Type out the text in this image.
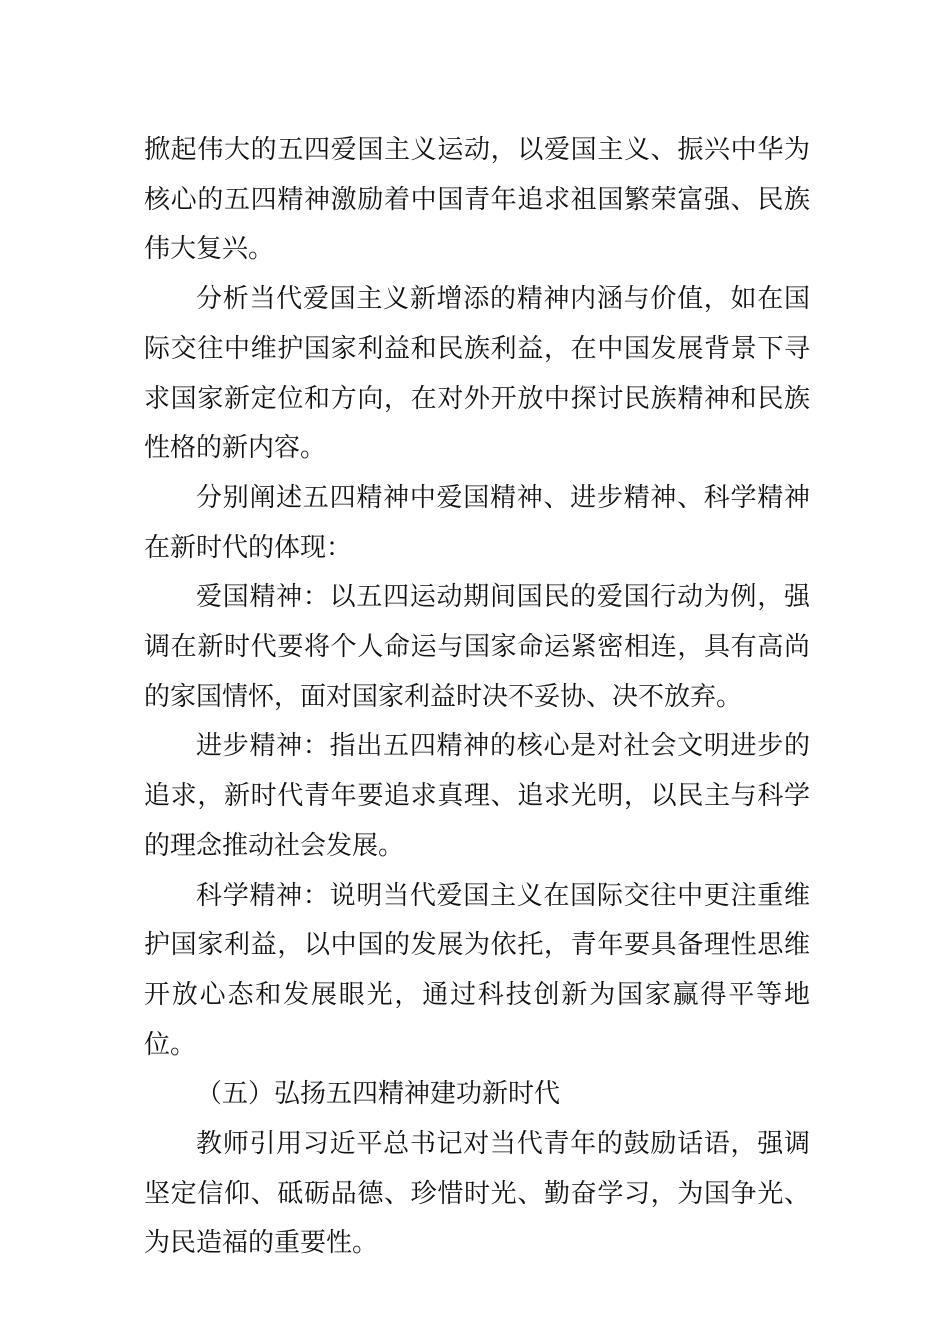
掀起伟大的五四爱国主义运动，以爱国主义、振兴中华为核心的五四精神激励着中国青年追求祖国繁荣富强、民族伟大复兴。

分析当代爱国主义新增添的精神内涵与价值，如在国际交往中维护国家利益和民族利益，在中国发展背景下寻求国家新定位和方向，在对外开放中探讨民族精神和民族性格的新内容。

分别阐述五四精神中爱国精神、进步精神、科学精神在新时代的体现：

爱国精神：以五四运动期间国民的爱国行动为例，强调在新时代要将个人命运与国家命运紧密相连，具有高尚的家国情怀，面对国家利益时决不妥协、决不放弃。

进步精神：指出五四精神的核心是对社会文明进步的追求，新时代青年要追求真理、追求光明，以民主与科学的理念推动社会发展。

科学精神：说明当代爱国主义在国际交往中更注重维护国家利益，以中国的发展为依托，青年要具备理性思维开放心态和发展眼光，通过科技创新为国家赢得平等地位。

（五）弘扬五四精神建功新时代

教师引用习近平总书记对当代青年的鼓励话语，强调坚定信仰、砥砺品德、珍惜时光、勤奋学习，为国争光、为民造福的重要性。
